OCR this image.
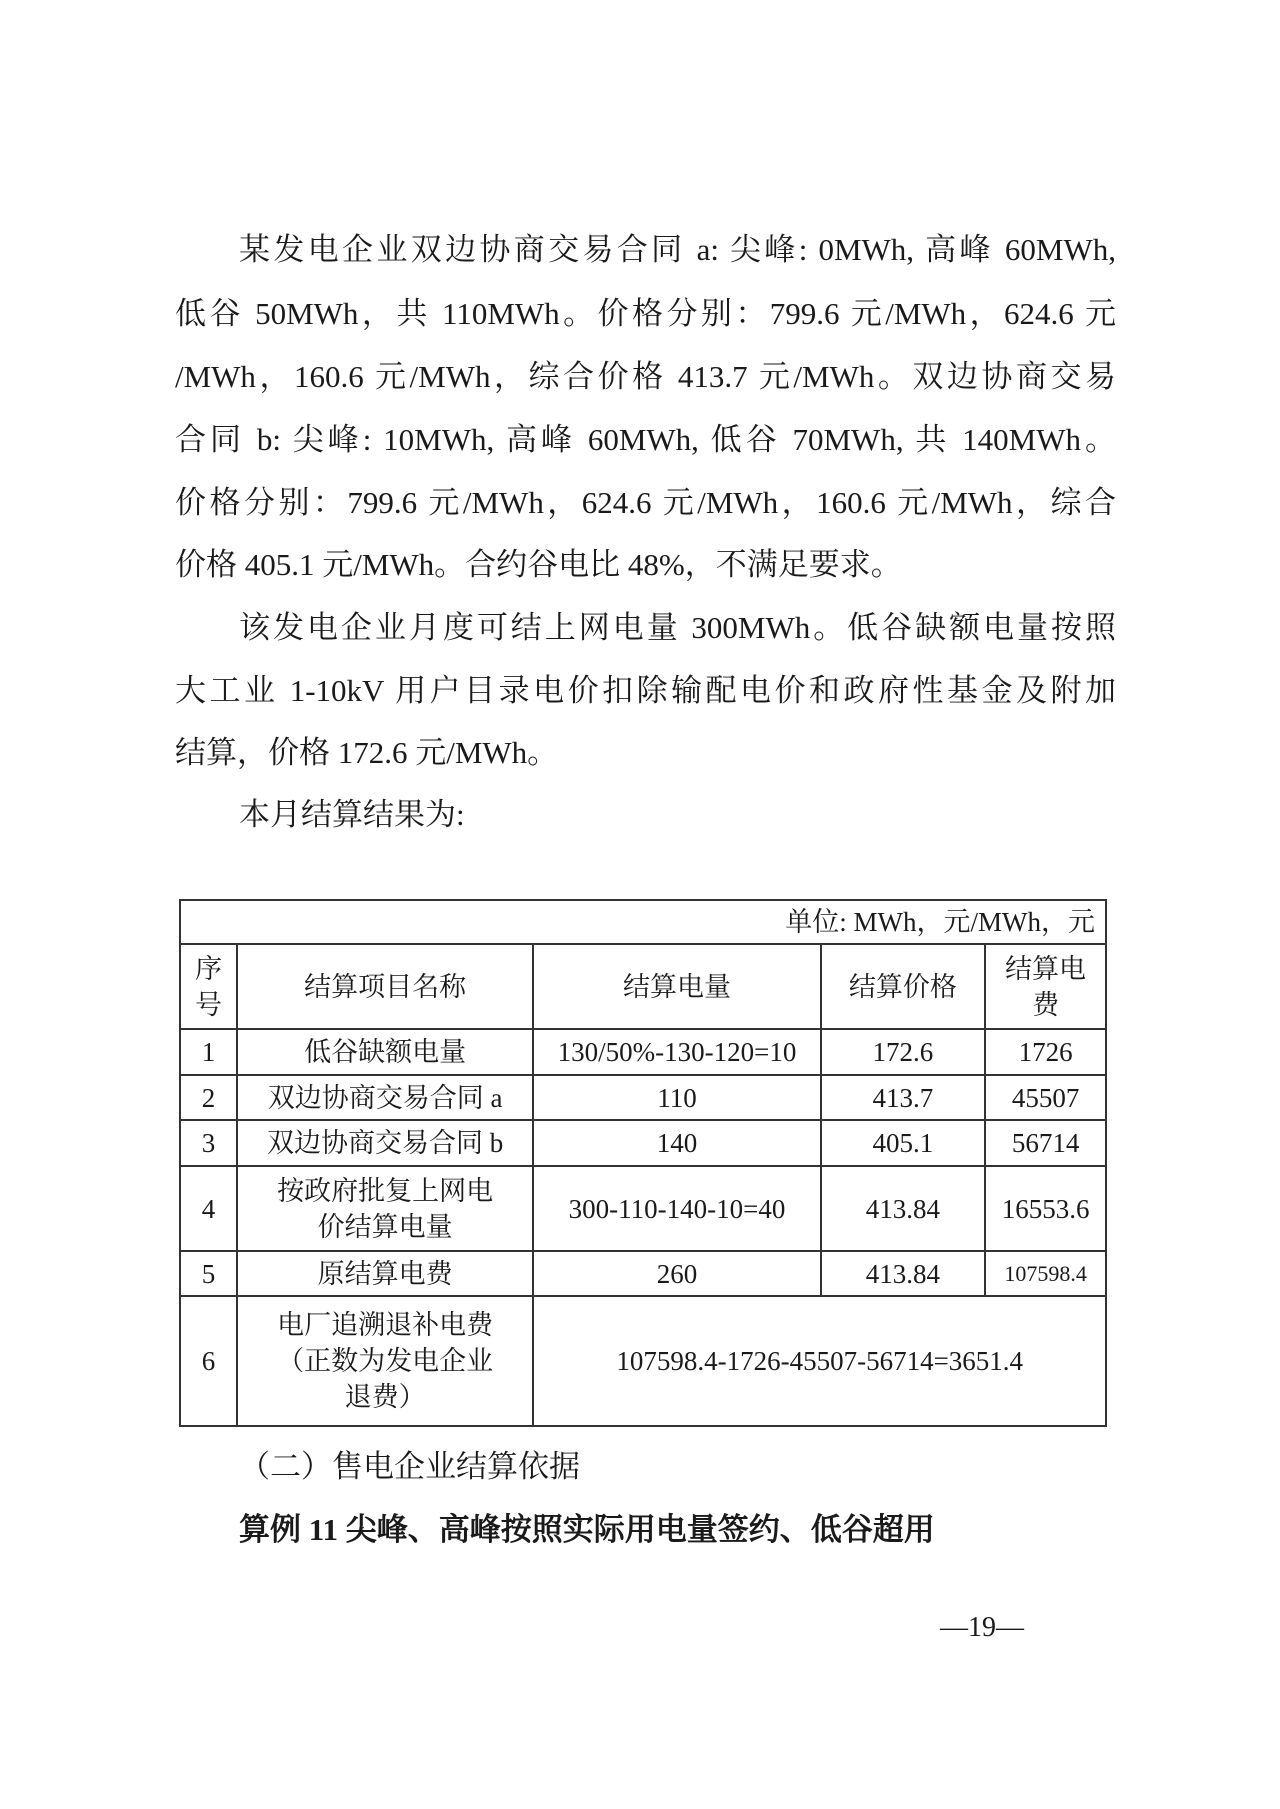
某发电企业双边协商交易合同 a: 尖峰: 0MWh, 高峰 60MWh,
低谷 50MWh，共 110MWh。价格分别：799.6 元/MWh，624.6 元
/MWh，160.6 元/MWh，综合价格 413.7 元/MWh。双边协商交易
合同 b: 尖峰: 10MWh, 高峰 60MWh, 低谷 70MWh, 共 140MWh。
价格分别：799.6 元/MWh，624.6 元/MWh，160.6 元/MWh，综合
价格 405.1 元/MWh。合约谷电比 48%，不满足要求。
该发电企业月度可结上网电量 300MWh。低谷缺额电量按照
大工业 1-10kV 用户目录电价扣除输配电价和政府性基金及附加
结算，价格 172.6 元/MWh。
本月结算结果为:
单位: MWh，元/MWh，元				
序号	结算项目名称	结算电量	结算价格	结算电费
1	低谷缺额电量	130/50%-130-120=10	172.6	1726
2	双边协商交易合同 a	110	413.7	45507
3	双边协商交易合同 b	140	405.1	56714
4	按政府批复上网电价结算电量	300-110-140-10=40	413.84	16553.6
5	原结算电费	260	413.84	107598.4
6	电厂追溯退补电费（正数为发电企业退费）	107598.4-1726-45507-56714=3651.4		
（二）售电企业结算依据
算例 11 尖峰、高峰按照实际用电量签约、低谷超用
—19—
